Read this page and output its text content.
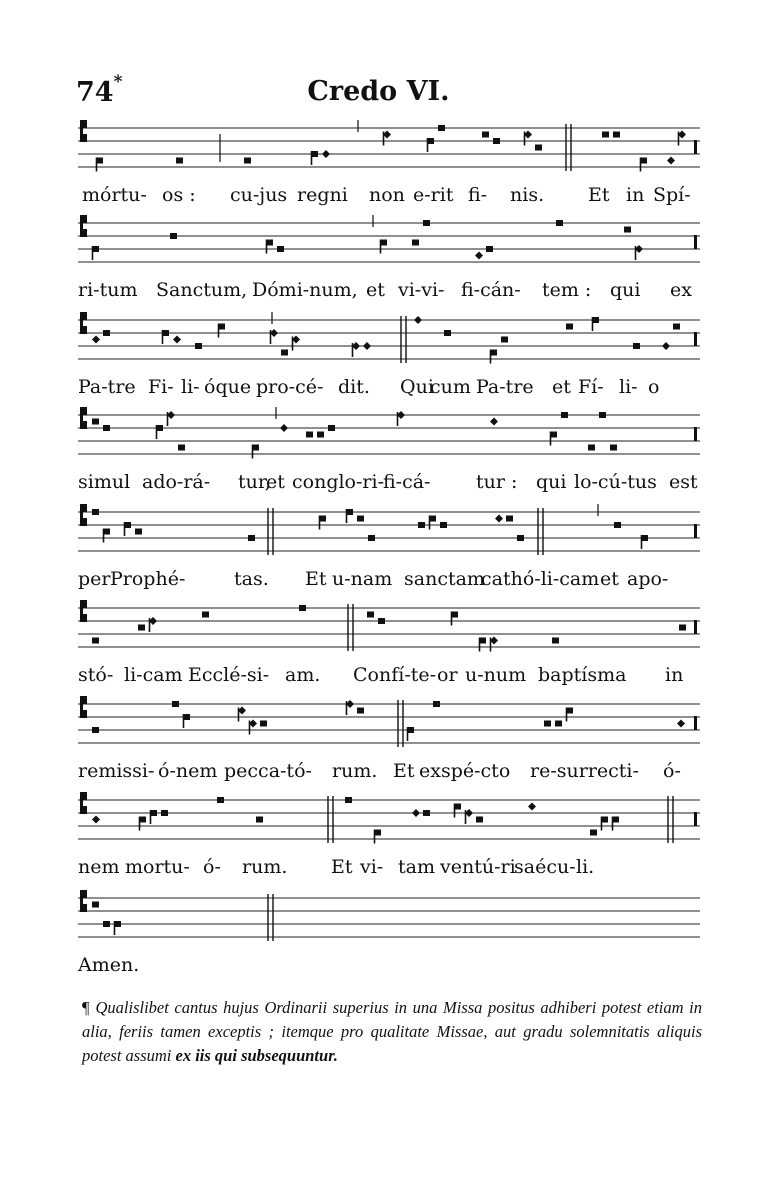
74*	Credo VI.
mórtu- os : cu-jus regni non e-rit fi- nis. Et in Spí-
ri-tum Sanctum, Dómi-num, et vi-vi- fi-cán- tem : qui ex
Pa-tre Fi- li- óque pro-cé- dit. Qui
cum Pa-tre et Fí- li- o
simul ado-rá- tur,
et conglo-ri- fi-cá- tur : qui lo-cú-tus est
per Prophé-	tas. Et u-nam sanctam
cathó-li-cam et apo-
stó- li-cam Ecclé-si- am. Confí-te- or u-num baptísma in
remissi- ó-nem pecca-tó- rum. Et exspé-cto re-surrecti- ó-
nem mortu- ó- rum. Et vi- tam ventú-ri
saécu- li.
Amen.
¶ Qualislibet cantus hujus Ordinarii superius in una Missa positus adhiberi potest etiam in alia, feriis tamen exceptis ; itemque pro qualitate Missae, aut gradu solemnitatis aliquis potest assumi ex iis qui subsequuntur.
